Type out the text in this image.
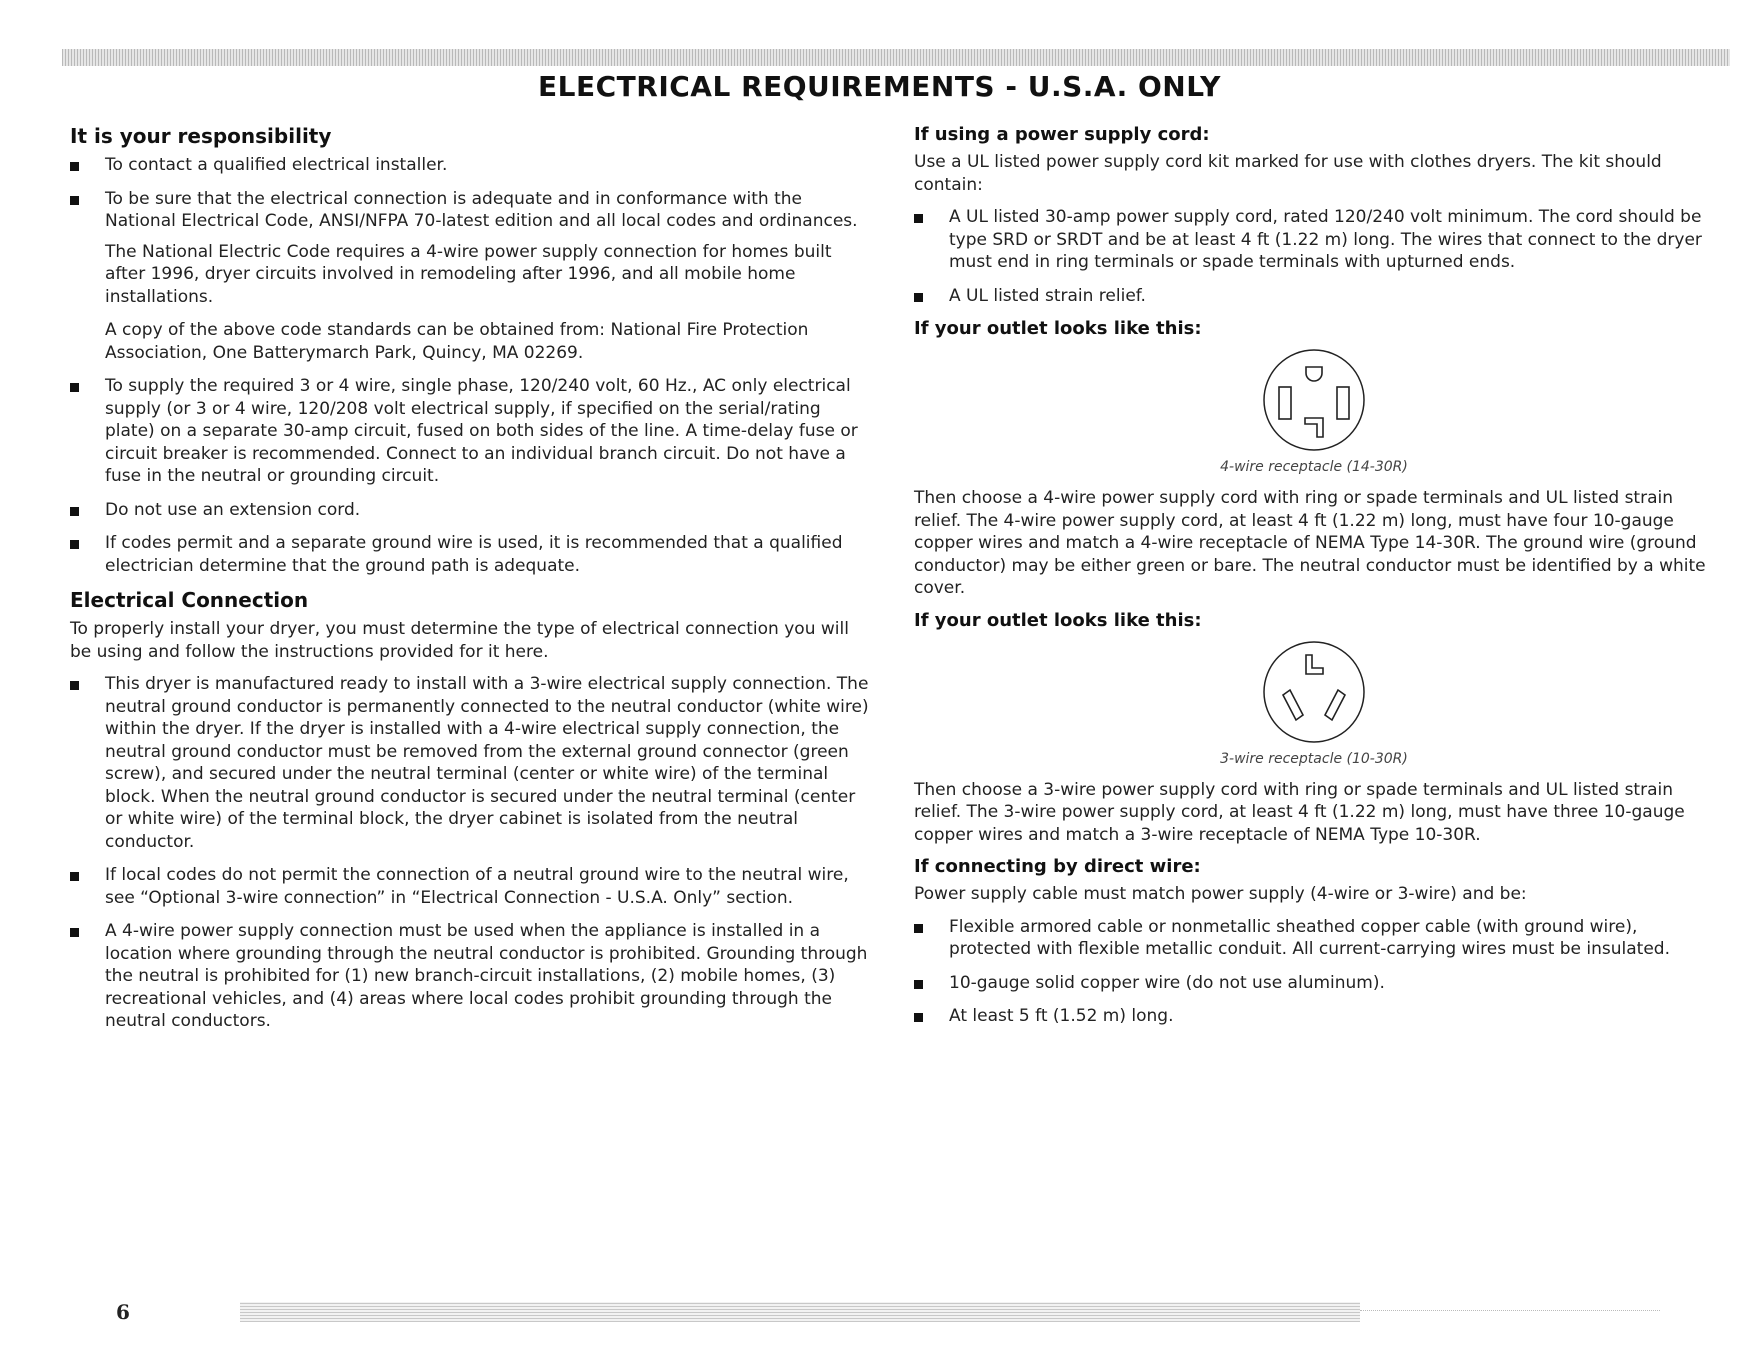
ELECTRICAL REQUIREMENTS - U.S.A. ONLY
It is your responsibility
To contact a qualified electrical installer.
To be sure that the electrical connection is adequate and in conformance with the National Electrical Code, ANSI/NFPA 70-latest edition and all local codes and ordinances.

The National Electric Code requires a 4-wire power supply connection for homes built after 1996, dryer circuits involved in remodeling after 1996, and all mobile home installations.

A copy of the above code standards can be obtained from: National Fire Protection Association, One Batterymarch Park, Quincy, MA 02269.

To supply the required 3 or 4 wire, single phase, 120/240 volt, 60 Hz., AC only electrical supply (or 3 or 4 wire, 120/208 volt electrical supply, if specified on the serial/rating plate) on a separate 30-amp circuit, fused on both sides of the line. A time-delay fuse or circuit breaker is recommended. Connect to an individual branch circuit. Do not have a fuse in the neutral or grounding circuit.
Do not use an extension cord.
If codes permit and a separate ground wire is used, it is recommended that a qualified electrician determine that the ground path is adequate.
Electrical Connection

To properly install your dryer, you must determine the type of electrical connection you will be using and follow the instructions provided for it here.

This dryer is manufactured ready to install with a 3-wire electrical supply connection. The neutral ground conductor is permanently connected to the neutral conductor (white wire) within the dryer. If the dryer is installed with a 4-wire electrical supply connection, the neutral ground conductor must be removed from the external ground connector (green screw), and secured under the neutral terminal (center or white wire) of the terminal block. When the neutral ground conductor is secured under the neutral terminal (center or white wire) of the terminal block, the dryer cabinet is isolated from the neutral conductor.
If local codes do not permit the connection of a neutral ground wire to the neutral wire, see “Optional 3-wire connection” in “Electrical Connection - U.S.A. Only” section.
A 4-wire power supply connection must be used when the appliance is installed in a location where grounding through the neutral conductor is prohibited. Grounding through the neutral is prohibited for (1) new branch-circuit installations, (2) mobile homes, (3) recreational vehicles, and (4) areas where local codes prohibit grounding through the neutral conductors.
If using a power supply cord:

Use a UL listed power supply cord kit marked for use with clothes dryers. The kit should contain:

A UL listed 30-amp power supply cord, rated 120/240 volt minimum. The cord should be type SRD or SRDT and be at least 4 ft (1.22 m) long. The wires that connect to the dryer must end in ring terminals or spade terminals with upturned ends.
A UL listed strain relief.
If your outlet looks like this:
4-wire receptacle (14-30R)

Then choose a 4-wire power supply cord with ring or spade terminals and UL listed strain relief. The 4-wire power supply cord, at least 4 ft (1.22 m) long, must have four 10-gauge copper wires and match a 4-wire receptacle of NEMA Type 14-30R. The ground wire (ground conductor) may be either green or bare. The neutral conductor must be identified by a white cover.

If your outlet looks like this:
3-wire receptacle (10-30R)

Then choose a 3-wire power supply cord with ring or spade terminals and UL listed strain relief. The 3-wire power supply cord, at least 4 ft (1.22 m) long, must have three 10-gauge copper wires and match a 3-wire receptacle of NEMA Type 10-30R.

If connecting by direct wire:

Power supply cable must match power supply (4-wire or 3-wire) and be:

Flexible armored cable or nonmetallic sheathed copper cable (with ground wire), protected with flexible metallic conduit. All current-carrying wires must be insulated.
10-gauge solid copper wire (do not use aluminum).
At least 5 ft (1.52 m) long.
6
